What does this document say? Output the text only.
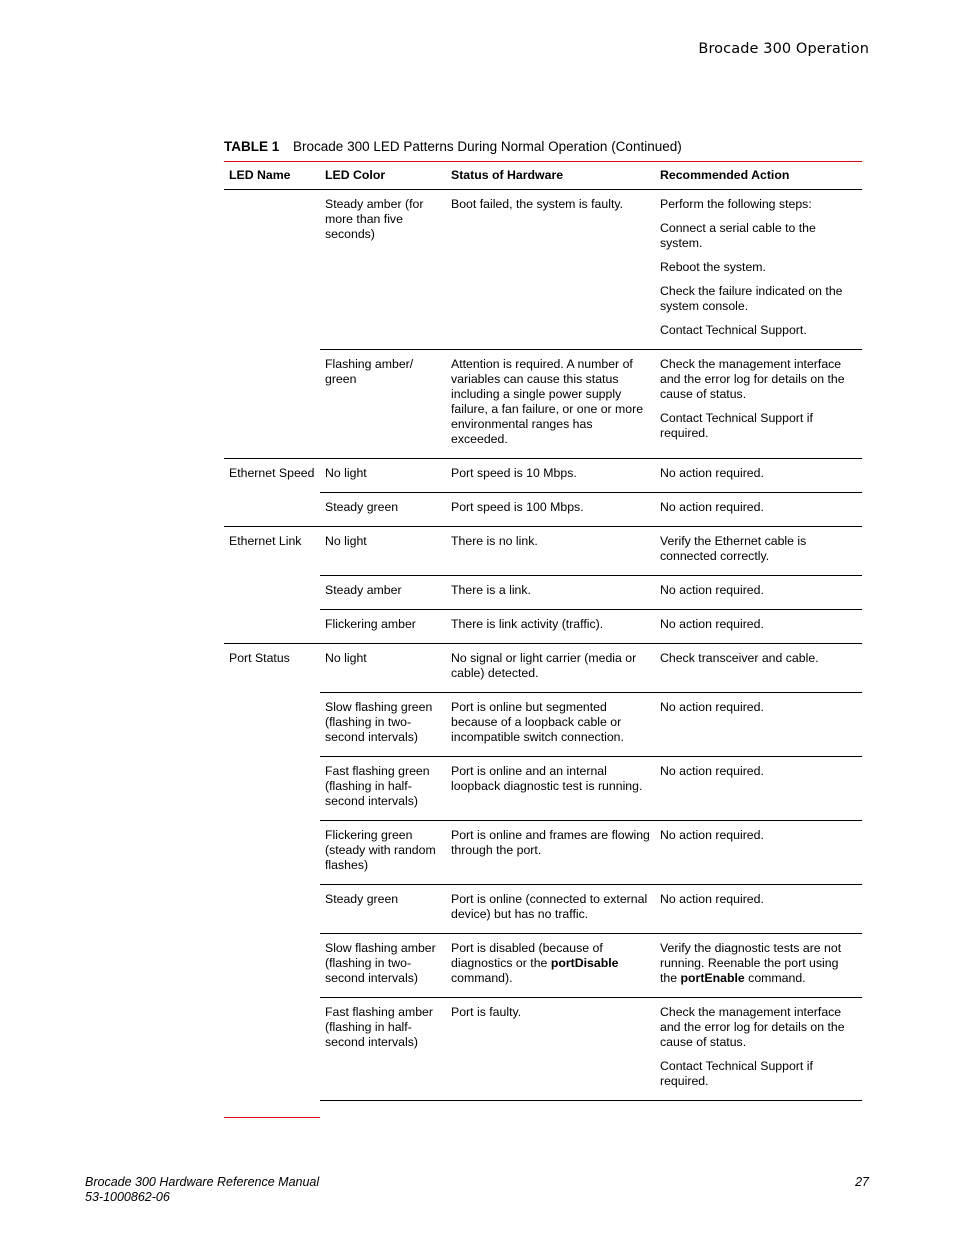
Brocade 300 Operation
TABLE 1 Brocade 300 LED Patterns During Normal Operation (Continued)
LED Name	LED Color	Status of Hardware	Recommended Action
	Steady amber (for more than five seconds)	Boot failed, the system is faulty.	Perform the following steps:

Connect a serial cable to the system.

Reboot the system.

Check the failure indicated on the system console.

Contact Technical Support.

	Flashing amber/ green	Attention is required. A number of variables can cause this status including a single power supply failure, a fan failure, or one or more environmental ranges has exceeded.	Check the management interface and the error log for details on the cause of status.

Contact Technical Support if required.

Ethernet Speed	No light	Port speed is 10 Mbps.	No action required.
	Steady green	Port speed is 100 Mbps.	No action required.
Ethernet Link	No light	There is no link.	Verify the Ethernet cable is connected correctly.
	Steady amber	There is a link.	No action required.
	Flickering amber	There is link activity (traffic).	No action required.
Port Status	No light	No signal or light carrier (media or cable) detected.	Check transceiver and cable.
	Slow flashing green (flashing in two-second intervals)	Port is online but segmented because of a loopback cable or incompatible switch connection.	No action required.
	Fast flashing green (flashing in half-second intervals)	Port is online and an internal loopback diagnostic test is running.	No action required.
	Flickering green (steady with random flashes)	Port is online and frames are flowing through the port.	No action required.
	Steady green	Port is online (connected to external device) but has no traffic.	No action required.
	Slow flashing amber (flashing in two-second intervals)	Port is disabled (because of diagnostics or the portDisable command).	Verify the diagnostic tests are not running. Reenable the port using the portEnable command.
	Fast flashing amber (flashing in half-second intervals)	Port is faulty.	Check the management interface and the error log for details on the cause of status.

Contact Technical Support if required.

Brocade 300 Hardware Reference Manual
53-1000862-06
27
